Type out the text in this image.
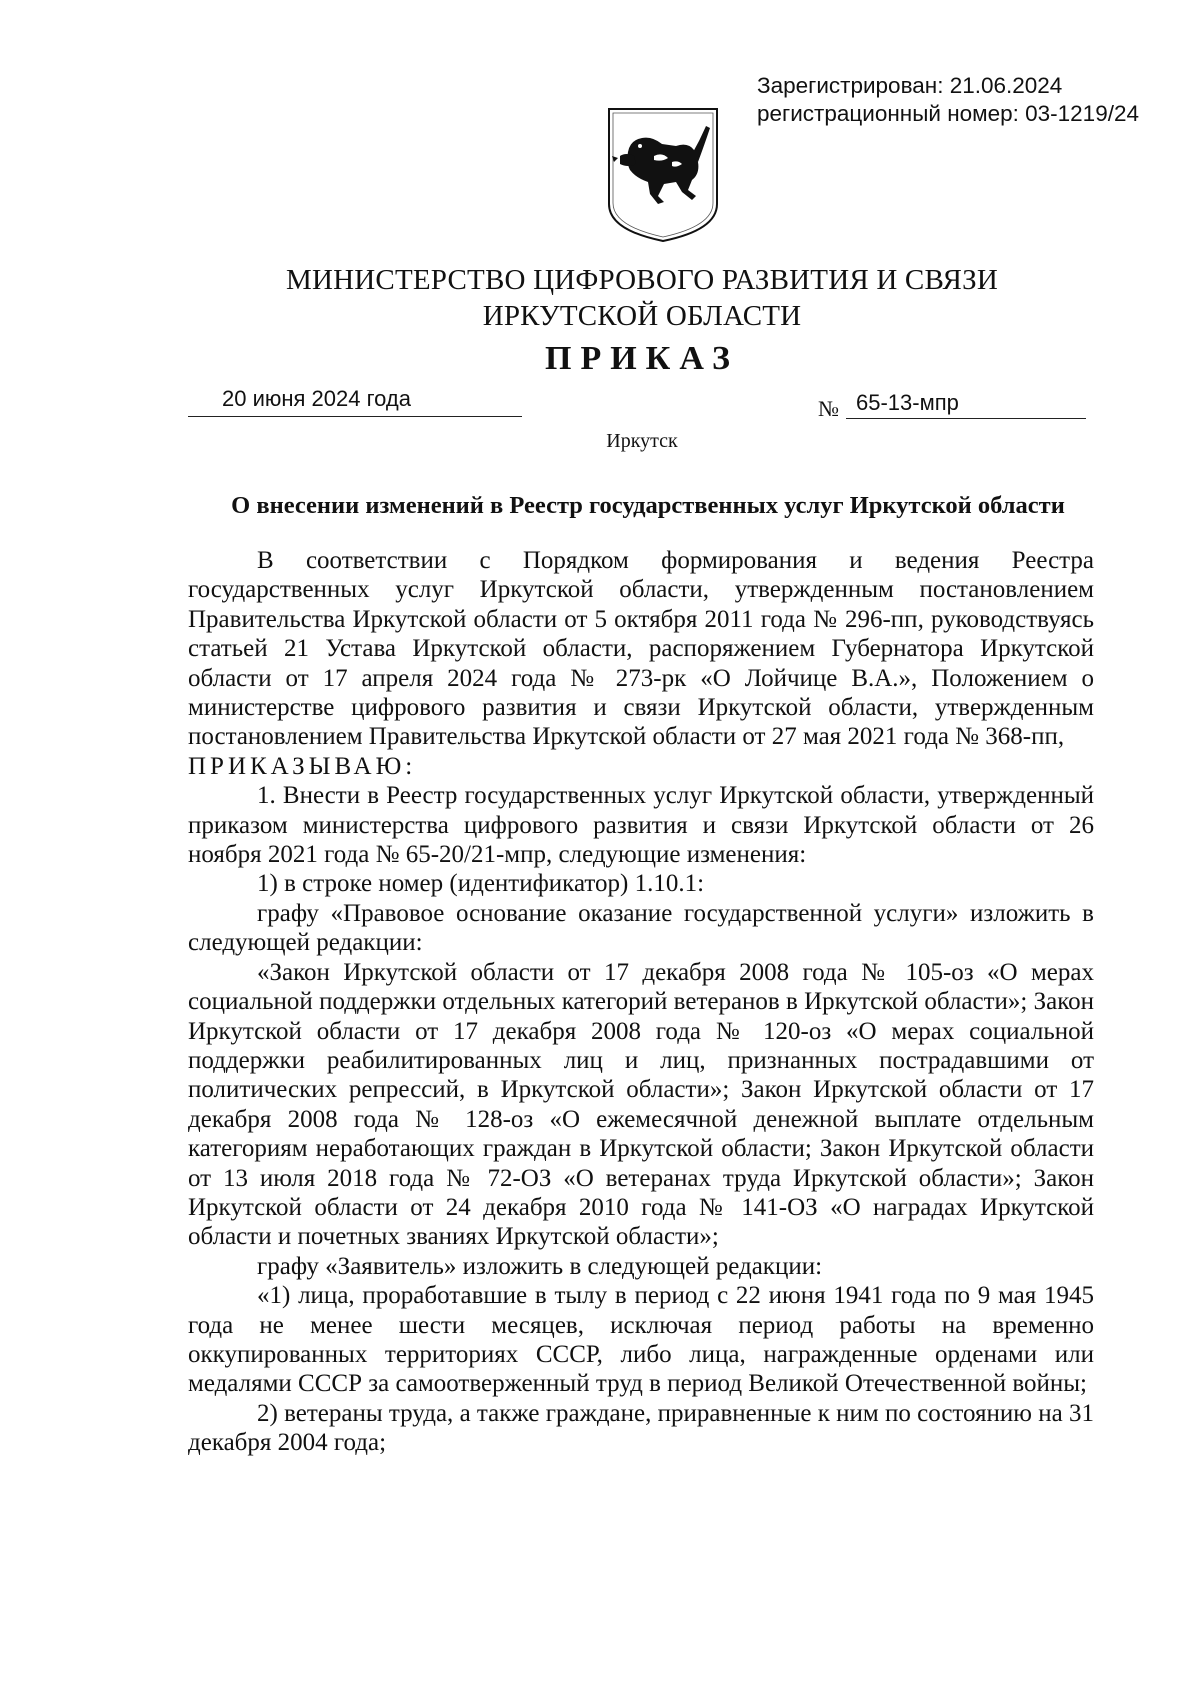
Зарегистрирован: 21.06.2024
регистрационный номер: 03-1219/24
МИНИСТЕРСТВО ЦИФРОВОГО РАЗВИТИЯ И СВЯЗИ
ИРКУТСКОЙ ОБЛАСТИ
ПРИКАЗ
20 июня 2024 года	№ 65-13-мпр
Иркутск
О внесении изменений в Реестр государственных услуг Иркутской области

В соответствии с Порядком формирования и ведения Реестра государственных услуг Иркутской области, утвержденным постановлением Правительства Иркутской области от 5 октября 2011 года № 296-пп, руководствуясь статьей 21 Устава Иркутской области, распоряжением Губернатора Иркутской области от 17 апреля 2024 года № 273-рк «О Лойчице В.А.», Положением о министерстве цифрового развития и связи Иркутской области, утвержденным постановлением Правительства Иркутской области от 27 мая 2021 года № 368-пп,

ПРИКАЗЫВАЮ:

1. Внести в Реестр государственных услуг Иркутской области, утвержденный приказом министерства цифрового развития и связи Иркутской области от 26 ноября 2021 года № 65-20/21-мпр, следующие изменения:

1) в строке номер (идентификатор) 1.10.1:

графу «Правовое основание оказание государственной услуги» изложить в следующей редакции:

«Закон Иркутской области от 17 декабря 2008 года № 105-оз «О мерах социальной поддержки отдельных категорий ветеранов в Иркутской области»; Закон Иркутской области от 17 декабря 2008 года № 120-оз «О мерах социальной поддержки реабилитированных лиц и лиц, признанных пострадавшими от политических репрессий, в Иркутской области»; Закон Иркутской области от 17 декабря 2008 года № 128-оз «О ежемесячной денежной выплате отдельным категориям неработающих граждан в Иркутской области; Закон Иркутской области от 13 июля 2018 года № 72-ОЗ «О ветеранах труда Иркутской области»; Закон Иркутской области от 24 декабря 2010 года № 141-ОЗ «О наградах Иркутской области и почетных званиях Иркутской области»;

графу «Заявитель» изложить в следующей редакции:

«1) лица, проработавшие в тылу в период с 22 июня 1941 года по 9 мая 1945 года не менее шести месяцев, исключая период работы на временно оккупированных территориях СССР, либо лица, награжденные орденами или медалями СССР за самоотверженный труд в период Великой Отечественной войны;

2) ветераны труда, а также граждане, приравненные к ним по состоянию на 31 декабря 2004 года;
